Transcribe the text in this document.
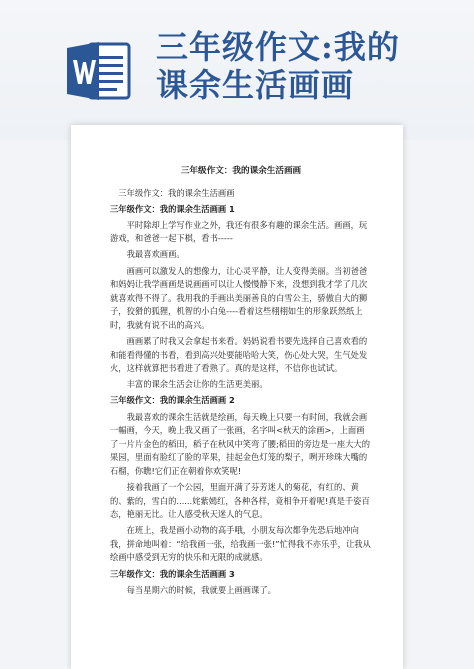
三年级作文:我的
课余生活画画
三年级作文：我的课余生活画画

三年级作文：我的课余生活画画

三年级作文：我的课余生活画画 1

平时除却上学写作业之外，我还有很多有趣的课余生活。画画，玩游戏，和爸爸一起下棋，看书-----

我最喜欢画画。

画画可以激发人的想像力，让心灵平静，让人变得美丽。当初爸爸和妈妈让我学画画是说画画可以让人慢慢静下来，没想到我才学了几次就喜欢得不得了。我用我的手画出美丽善良的白雪公主，骄傲自大的狮子，狡猾的狐狸，机智的小白兔----看着这些栩栩如生的形象跃然纸上时，我就有说不出的高兴。

画画累了时我又会拿起书来看。妈妈说看书要先选择自己喜欢看的和能看得懂的书看，看到高兴处要能哈哈大笑，伤心处大哭，生气处发火，这样就算把书看进了看熟了。真的是这样，不信你也试试。

丰富的课余生活会让你的生活更美丽。

三年级作文：我的课余生活画画 2

我最喜欢的课余生活就是绘画，每天晚上只要一有时间，我就会画一幅画，今天，晚上我又画了一张画，名字叫<秋天的涂画>，上面画了一片片金色的稻田，稻子在秋风中笑弯了腰;稻田的旁边是一座大大的果园，里面有脸红了脸的苹果，挂起金色灯笼的梨子，咧开珍珠大嘴的石榴，你瞧!它们正在朝着你欢笑呢!

接着我画了一个公园，里面开满了芬芳迷人的菊花，有红的、黄的、紫的，雪白的......姹紫嫣红，各种各样，竟相争开着呢!真是千姿百态，艳丽无比。让人感受秋天迷人的气息。

在班上，我是画小动物的高手哦，小朋友每次都争先恐后地冲向我，拼命地叫着：“给我画一张，给我画一张!”忙得我不亦乐乎，让我从绘画中感受到无穷的快乐和无限的成就感。

三年级作文：我的课余生活画画 3

每当星期六的时候，我就要上画画课了。
